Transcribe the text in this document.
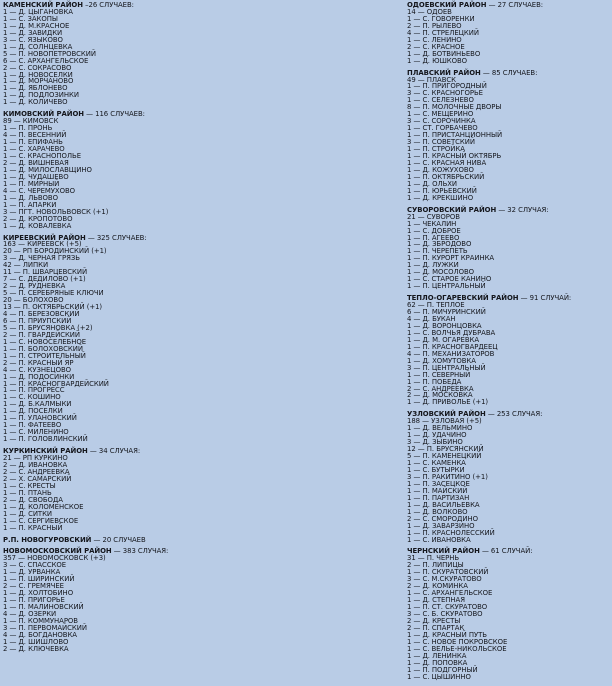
КАМЕНСКИЙ РАЙОН –26 СЛУЧАЕВ:
1 — Д. ЦЫГАНОВКА
1 — С. ЗАКОПЫ
1 — Д. М.КРАСНОЕ
1 — Д. ЗАВИДКИ
3 — С. ЯЗЫКОВО
1 — Д. СОЛНЦЕВКА
5 — П. НОВОПЕТРОВСКИЙ
6 — С. АРХАНГЕЛЬСКОЕ
2 — С. СОКРАСОВО
1 — Д. НОВОСЕЛКИ
1 — Д. МОРЧАНОВО
1 — Д. ЯБЛОНЕВО
1 — Д. ПОДЛОЗИНКИ
1 — Д. КОЛИЧЕВО
КИМОВСКИЙ РАЙОН — 116 СЛУЧАЕВ:
89 — КИМОВСК
1 — П. ПРОНЬ
4 — П. ВЕСЕННИЙ
1 — П. ЕПИФАНЬ
1 — С. ХАРАЧЕВО
1 — С. КРАСНОПОЛЬЕ
2 — Д. ВИШНЕВАЯ
1 — Д. МИЛОСЛАВЩИНО
1 — Д. ЧУДАШЕВО
1 — П. МИРНЫЙ
4 — С. ЧЕРЕМУХОВО
1 — Д. ЛЬВОВО
1 — П. АПАРКИ
3 — ПГТ. НОВОЛЬВОВСК (+1)
2 — Д. КРОПОТОВО
1 — Д. КОВАЛЕВКА
КИРЕЕВСКИЙ РАЙОН — 325 СЛУЧАЕВ:
163 — КИРЕЕВСК (+5)
20 — РП БОРОДИНСКИЙ (+1)
3 — Д. ЧЕРНАЯ ГРЯЗЬ
42 — ЛИПКИ
11 — П. ШВАРЦЕВСКИЙ
7 — С. ДЕДИЛОВО (+1)
2 — Д. РУДНЕВКА
5 — П. СЕРЕБРЯНЫЕ КЛЮЧИ
20 — БОЛОХОВО
13 — П. ОКТЯБРЬСКИЙ (+1)
4 — П. БЕРЕЗОВСКИЙ
6 — П. ПРИУПСКИЙ
5 — П. БРУСЯНОВКА (+2)
2 — П. ГВАРДЕЙСКИЙ
1 — С. НОВОСЕЛЕБНОЕ
1 — П. БОЛОХОВСКИЙ
1 — П. СТРОИТЕЛЬНЫЙ
2 — П. КРАСНЫЙ ЯР
4 — С. КУЗНЕЦОВО
1 — Д. ПОДОСИНКИ
1 — П. КРАСНОГВАРДЕЙСКИЙ
1 — П. ПРОГРЕСС
1 — С. КОШИНО
1 — Д. Б.КАЛМЫКИ
1 — Д. ПОСЕЛКИ
1 — П. УЛАНОВСКИЙ
1 — П. ФАТЕЕВО
1 — С. МИЛЕНИНО
1 — П. ГОЛОВЛИНСКИЙ
КУРКИНСКИЙ РАЙОН — 34 СЛУЧАЯ:
21 — РП КУРКИНО
2 — Д. ИВАНОВКА
2 — С. АНДРЕЕВКА
2 — Х. САМАРСКИЙ
1 — С. КРЕСТЫ
1 — П. ПТАНЬ
2 — Д. СВОБОДА
1 — Д. КОЛОМЕНСКОЕ
1 — Д. СИТКИ
1 — С. СЕРГИЕВСКОЕ
1 — П. КРАСНЫЙ
Р.П. НОВОГУРОВСКИЙ — 20 СЛУЧАЕВ
НОВОМОСКОВСКИЙ РАЙОН — 383 СЛУЧАЯ:
357 — НОВОМОСКОВСК (+3)
3 — С. СПАССКОЕ
1 — Д. УРВАНКА
1 — П. ШИРИНСКИЙ
2 — С. ГРЕМЯЧЕЕ
1 — Д. ХОЛТОБИНО
1 — П. ПРИГОРЬЕ
1 — П. МАЛИНОВСКИЙ
4 — Д. ОЗЕРКИ
1 — П. КОММУНАРОВ
3 — П. ПЕРВОМАЙСКИЙ
4 — Д. БОГДАНОВКА
1 — Д. ШИШЛОВО
2 — Д. КЛЮЧЕВКА
ОДОЕВСКИЙ РАЙОН — 27 СЛУЧАЕВ:
14 — ОДОЕВ
1 — С. ГОВОРЕНКИ
2 — П. РЫЛЕВО
4 — П. СТРЕЛЕЦКИЙ
1 — С. ЛЕНИНО
2 — С. КРАСНОЕ
1 — Д. БОТВИНЬЕВО
1 — Д. ЮШКОВО
ПЛАВСКИЙ РАЙОН — 85 СЛУЧАЕВ:
49 — ПЛАВСК
1 — П. ПРИГОРОДНЫЙ
3 — С. КРАСНОГОРЬЕ
1 — С. СЕЛЕЗНЕВО
8 — П. МОЛОЧНЫЕ ДВОРЫ
1 — С. МЕЩЕРИНО
3 — С. СОРОЧИНКА
1 — СТ. ГОРБАЧЕВО
1 — П. ПРИСТАНЦИОННЫЙ
3 — П. СОВЕТСКИЙ
1 — П. СТРОЙКА
1 — П. КРАСНЫЙ ОКТЯБРЬ
1 — С. КРАСНАЯ НИВА
1 — Д. КОЖУХОВО
1 — П. ОКТЯБРЬСКИЙ
1 — Д. ОЛЬХИ
1 — П. ЮРЬЕВСКИЙ
1 — Д. КРЕКШИНО
СУВОРОВСКИЙ РАЙОН — 32 СЛУЧАЯ:
21 — СУВОРОВ
1 — ЧЕКАЛИН
1 — С. ДОБРОЕ
1 — П. АГЕЕВО
1 — Д. ЗБРОДОВО
1 — П. ЧЕРЕПЕТЬ
1 — П. КУРОРТ КРАИНКА
1 — Д. ЛУЖКИ
1 — Д. МОСОЛОВО
1 — С. СТАРОЕ КАНИНО
1 — П. ЦЕНТРАЛЬНЫЙ
ТЕПЛО-ОГАРЕВСКИЙ РАЙОН — 91 СЛУЧАЙ:
62 — П. ТЕПЛОЕ
6 — П. МИЧУРИНСКИЙ
4 — Д. БУКАН
1 — Д. ВОРОНЦОВКА
1 — С. ВОЛЧЬЯ ДУБРАВА
1 — Д. М. ОГАРЕВКА
1 — П. КРАСНОГВАРДЕЕЦ
4 — П. МЕХАНИЗАТОРОВ
1 — Д. ХОМУТОВКА
3 — П. ЦЕНТРАЛЬНЫЙ
1 — П. СЕВЕРНЫЙ
1 — П. ПОБЕДА
2 — С. АНДРЕЕВКА
2 — Д. МОСКОВКА
1 — Д. ПРИВОЛЬЕ (+1)
УЗЛОВСКИЙ РАЙОН — 253 СЛУЧАЯ:
188 — УЗЛОВАЯ (+5)
1 — Д. ВЕЛЬМИНО
1 — Д. УДАЧИНО
3 — Д. ЗЫБИНО
12 — П. БРУСЯНСКИЙ
5 — П. КАМЕНЕЦКИЙ
1 — С. КАМЕНКА
1 — С. БУТЫРКИ
3 — П. РАКИТИНО (+1)
1 — П. ЗАСЕЦКОЕ
1 — П. МАЙСКИЙ
1 — П. ПАРТИЗАН
1 — Д. ВАСИЛЬЕВКА
1 — Д. ВОЛКОВО
2 — С. СМОРОДИНО
1 — Д. ЗАВАРЗИНО
1 — П. КРАСНОЛЕССКИЙ
1 — С. ИВАНОВКА
ЧЕРНСКИЙ РАЙОН — 61 СЛУЧАЙ:
31 — П. ЧЕРНЬ
2 — П. ЛИПИЦЫ
1 — П. СКУРАТОВСКИЙ
3 — С. М.СКУРАТОВО
2 — Д. КОМИНКА
1 — С. АРХАНГЕЛЬСКОЕ
1 — Д. СТЕПНАЯ
1 — П. СТ. СКУРАТОВО
3 — С. Б. СКУРАТОВО
2 — Д. КРЕСТЫ
2 — П. СПАРТАК
1 — Д. КРАСНЫЙ ПУТЬ
1 — С. НОВОЕ ПОКРОВСКОЕ
1 — С. ВЕЛЬЕ-НИКОЛЬСКОЕ
1 — Д. ЛЕНИНКА
1 — Д. ПОПОВКА
1 — П. ПОДГОРНЫЙ
1 — С. ЦЫШИННО
